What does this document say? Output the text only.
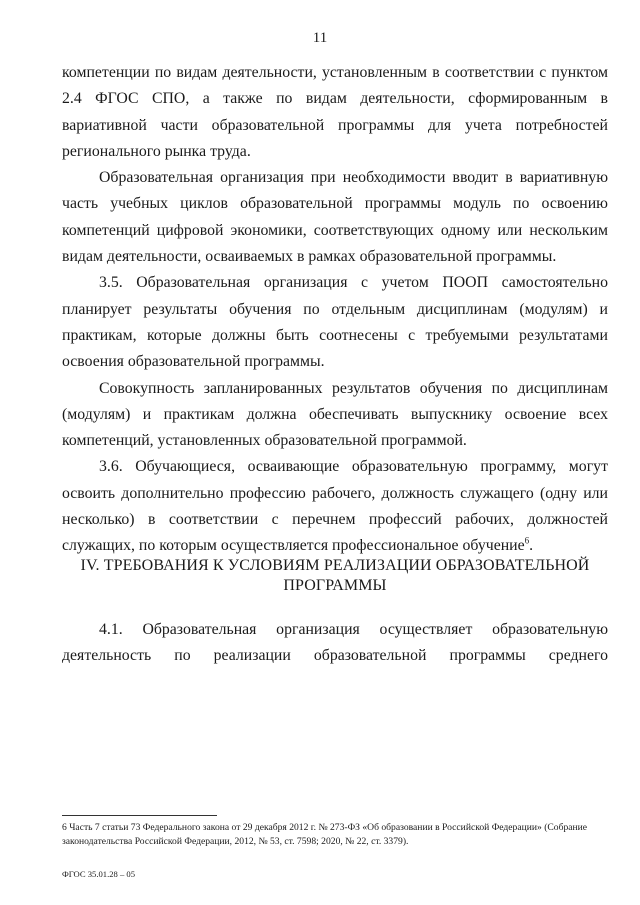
11

компетенции по видам деятельности, установленным в соответствии с пунктом 2.4 ФГОС СПО, а также по видам деятельности, сформированным в вариативной части образовательной программы для учета потребностей регионального рынка труда.

Образовательная организация при необходимости вводит в вариативную часть учебных циклов образовательной программы модуль по освоению компетенций цифровой экономики, соответствующих одному или нескольким видам деятельности, осваиваемых в рамках образовательной программы.

3.5. Образовательная организация с учетом ПООП самостоятельно планирует результаты обучения по отдельным дисциплинам (модулям) и практикам, которые должны быть соотнесены с требуемыми результатами освоения образовательной программы.

Совокупность запланированных результатов обучения по дисциплинам (модулям) и практикам должна обеспечивать выпускнику освоение всех компетенций, установленных образовательной программой.

3.6. Обучающиеся, осваивающие образовательную программу, могут освоить дополнительно профессию рабочего, должность служащего (одну или несколько) в соответствии с перечнем профессий рабочих, должностей служащих, по которым осуществляется профессиональное обучение$^6$.

IV. ТРЕБОВАНИЯ К УСЛОВИЯМ РЕАЛИЗАЦИИ ОБРАЗОВАТЕЛЬНОЙ ПРОГРАММЫ

4.1. Образовательная организация осуществляет образовательную деятельность по реализации образовательной программы среднего

6 Часть 7 статьи 73 Федерального закона от 29 декабря 2012 г. № 273-ФЗ «Об образовании в Российской Федерации» (Собрание законодательства Российской Федерации, 2012, № 53, ст. 7598; 2020, № 22, ст. 3379).

ФГОС 35.01.28 – 05
